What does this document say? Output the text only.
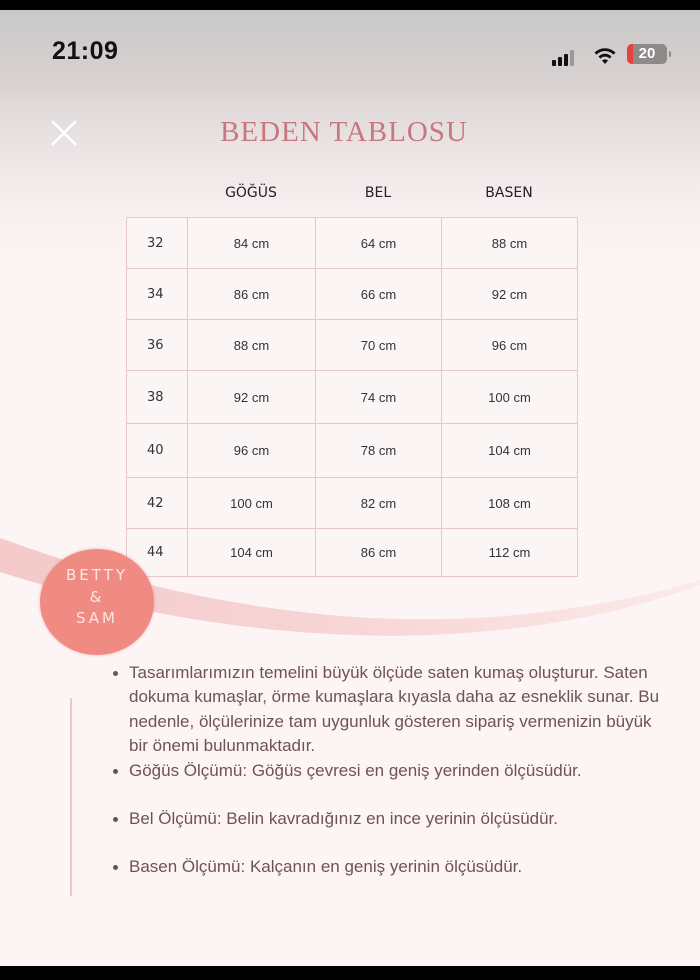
21:09	20
BEDEN TABLOSU
GÖĞÜS	BEL	BASEN
32	84 cm	64 cm	88 cm
34	86 cm	66 cm	92 cm
36	88 cm	70 cm	96 cm
38	92 cm	74 cm	100 cm
40	96 cm	78 cm	104 cm
42	100 cm	82 cm	108 cm
44	104 cm	86 cm	112 cm
BETTY
&
SAM
Tasarımlarımızın temelini büyük ölçüde saten kumaş oluşturur. Saten dokuma kumaşlar, örme kumaşlara kıyasla daha az esneklik sunar. Bu nedenle, ölçülerinize tam uygunluk gösteren sipariş vermenizin büyük bir önemi bulunmaktadır.
Göğüs Ölçümü: Göğüs çevresi en geniş yerinden ölçüsüdür.
Bel Ölçümü: Belin kavradığınız en ince yerinin ölçüsüdür.
Basen Ölçümü: Kalçanın en geniş yerinin ölçüsüdür.
